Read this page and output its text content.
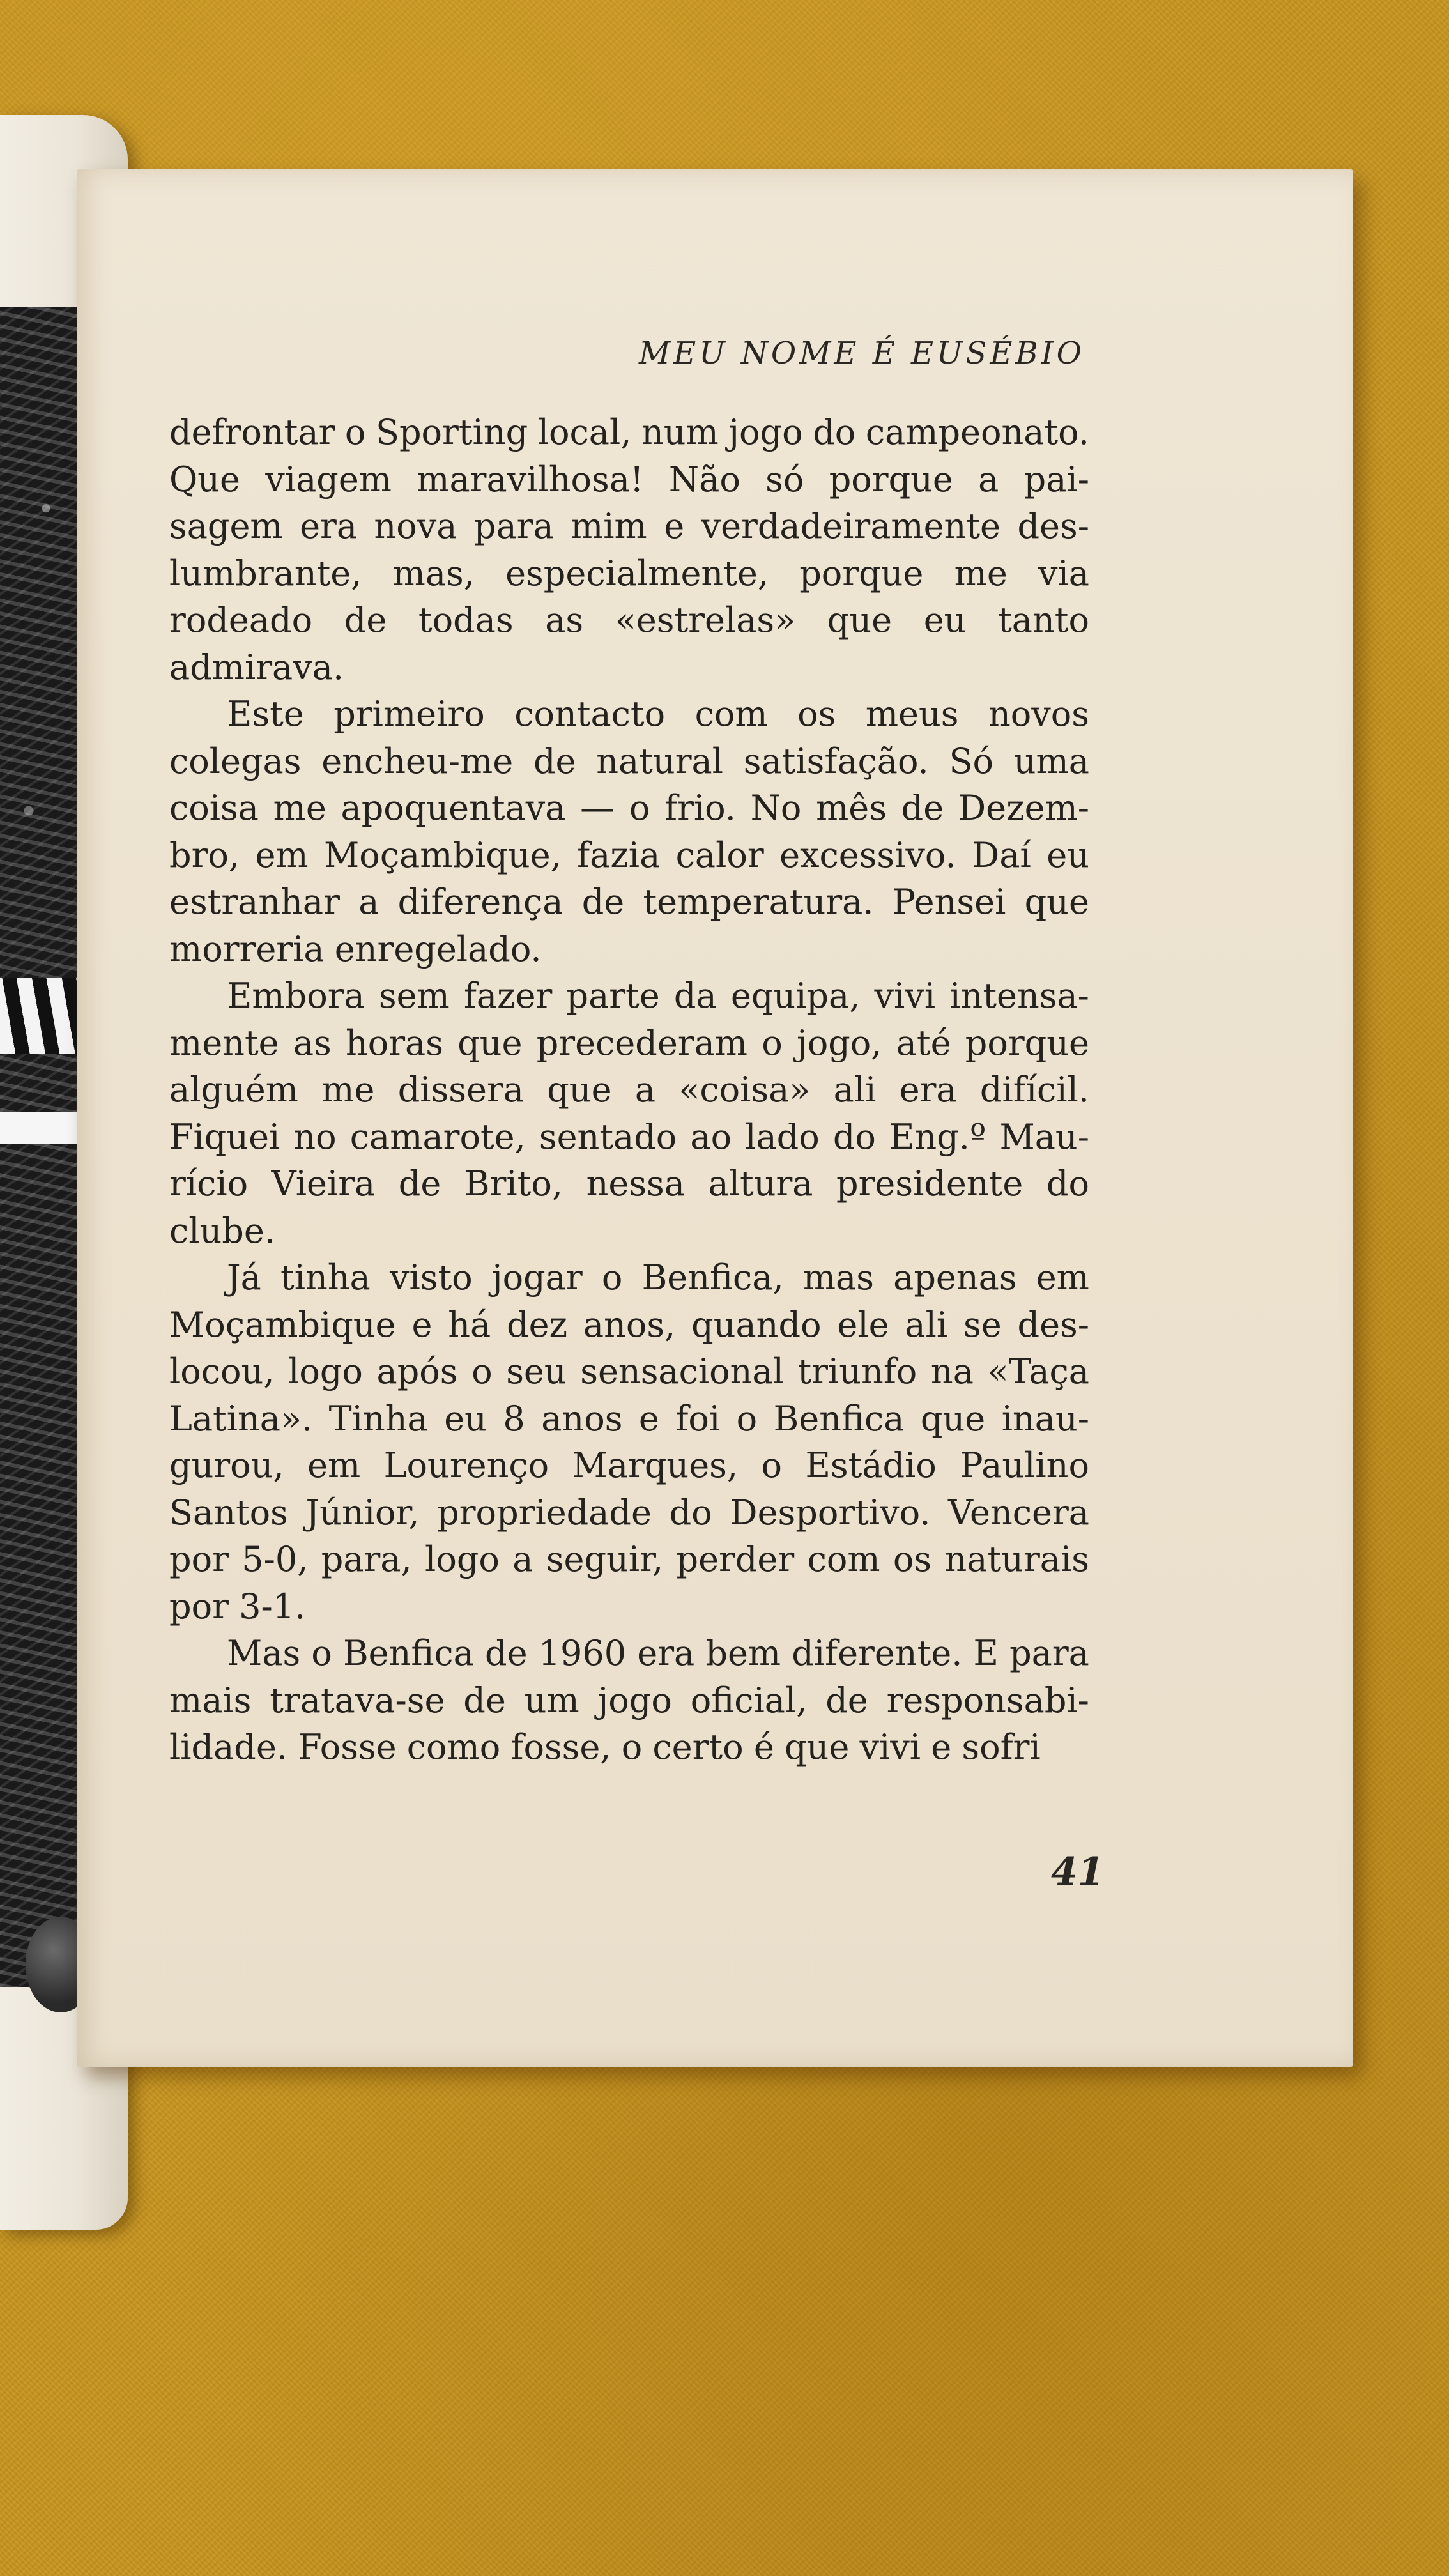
MEU NOME É EUSÉBIO
defrontar o Sporting local, num jogo do campeonato.
Que viagem maravilhosa! Não só porque a pai-
sagem era nova para mim e verdadeiramente des-
lumbrante, mas, especialmente, porque me via
rodeado de todas as «estrelas» que eu tanto
admirava.
Este primeiro contacto com os meus novos
colegas encheu-me de natural satisfação. Só uma
coisa me apoquentava — o frio. No mês de Dezem-
bro, em Moçambique, fazia calor excessivo. Daí eu
estranhar a diferença de temperatura. Pensei que
morreria enregelado.
Embora sem fazer parte da equipa, vivi intensa-
mente as horas que precederam o jogo, até porque
alguém me dissera que a «coisa» ali era difícil.
Fiquei no camarote, sentado ao lado do Eng.º Mau-
rício Vieira de Brito, nessa altura presidente do
clube.
Já tinha visto jogar o Benfica, mas apenas em
Moçambique e há dez anos, quando ele ali se des-
locou, logo após o seu sensacional triunfo na «Taça
Latina». Tinha eu 8 anos e foi o Benfica que inau-
gurou, em Lourenço Marques, o Estádio Paulino
Santos Júnior, propriedade do Desportivo. Vencera
por 5-0, para, logo a seguir, perder com os naturais
por 3-1.
Mas o Benfica de 1960 era bem diferente. E para
mais tratava-se de um jogo oficial, de responsabi-
lidade. Fosse como fosse, o certo é que vivi e sofri
41
